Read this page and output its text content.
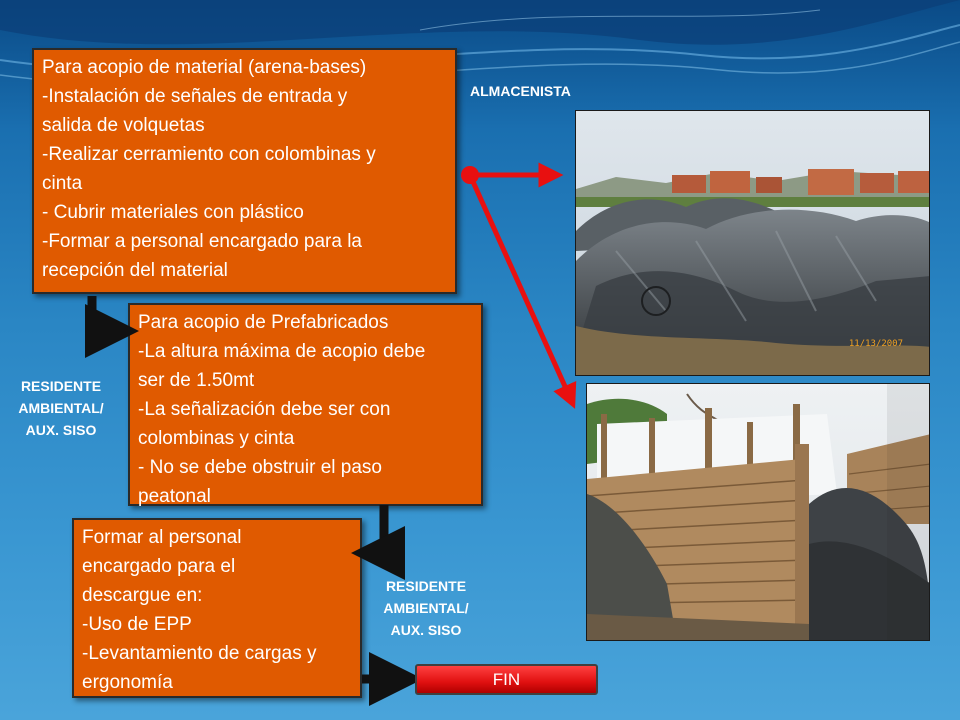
Para acopio de material (arena-bases)
-Instalación de señales de entrada y
salida de volquetas
-Realizar cerramiento con colombinas y
cinta
- Cubrir materiales con plástico
-Formar a personal encargado para la
recepción del material
Para acopio de Prefabricados
-La altura máxima de acopio debe
ser de 1.50mt
-La señalización debe ser con
colombinas y cinta
- No se debe obstruir el paso
peatonal
Formar al personal
encargado para el
descargue en:
-Uso de EPP
-Levantamiento de cargas y
ergonomía
ALMACENISTA
RESIDENTE
AMBIENTAL/
AUX. SISO
RESIDENTE
AMBIENTAL/
AUX. SISO
11/13/2007
FIN
